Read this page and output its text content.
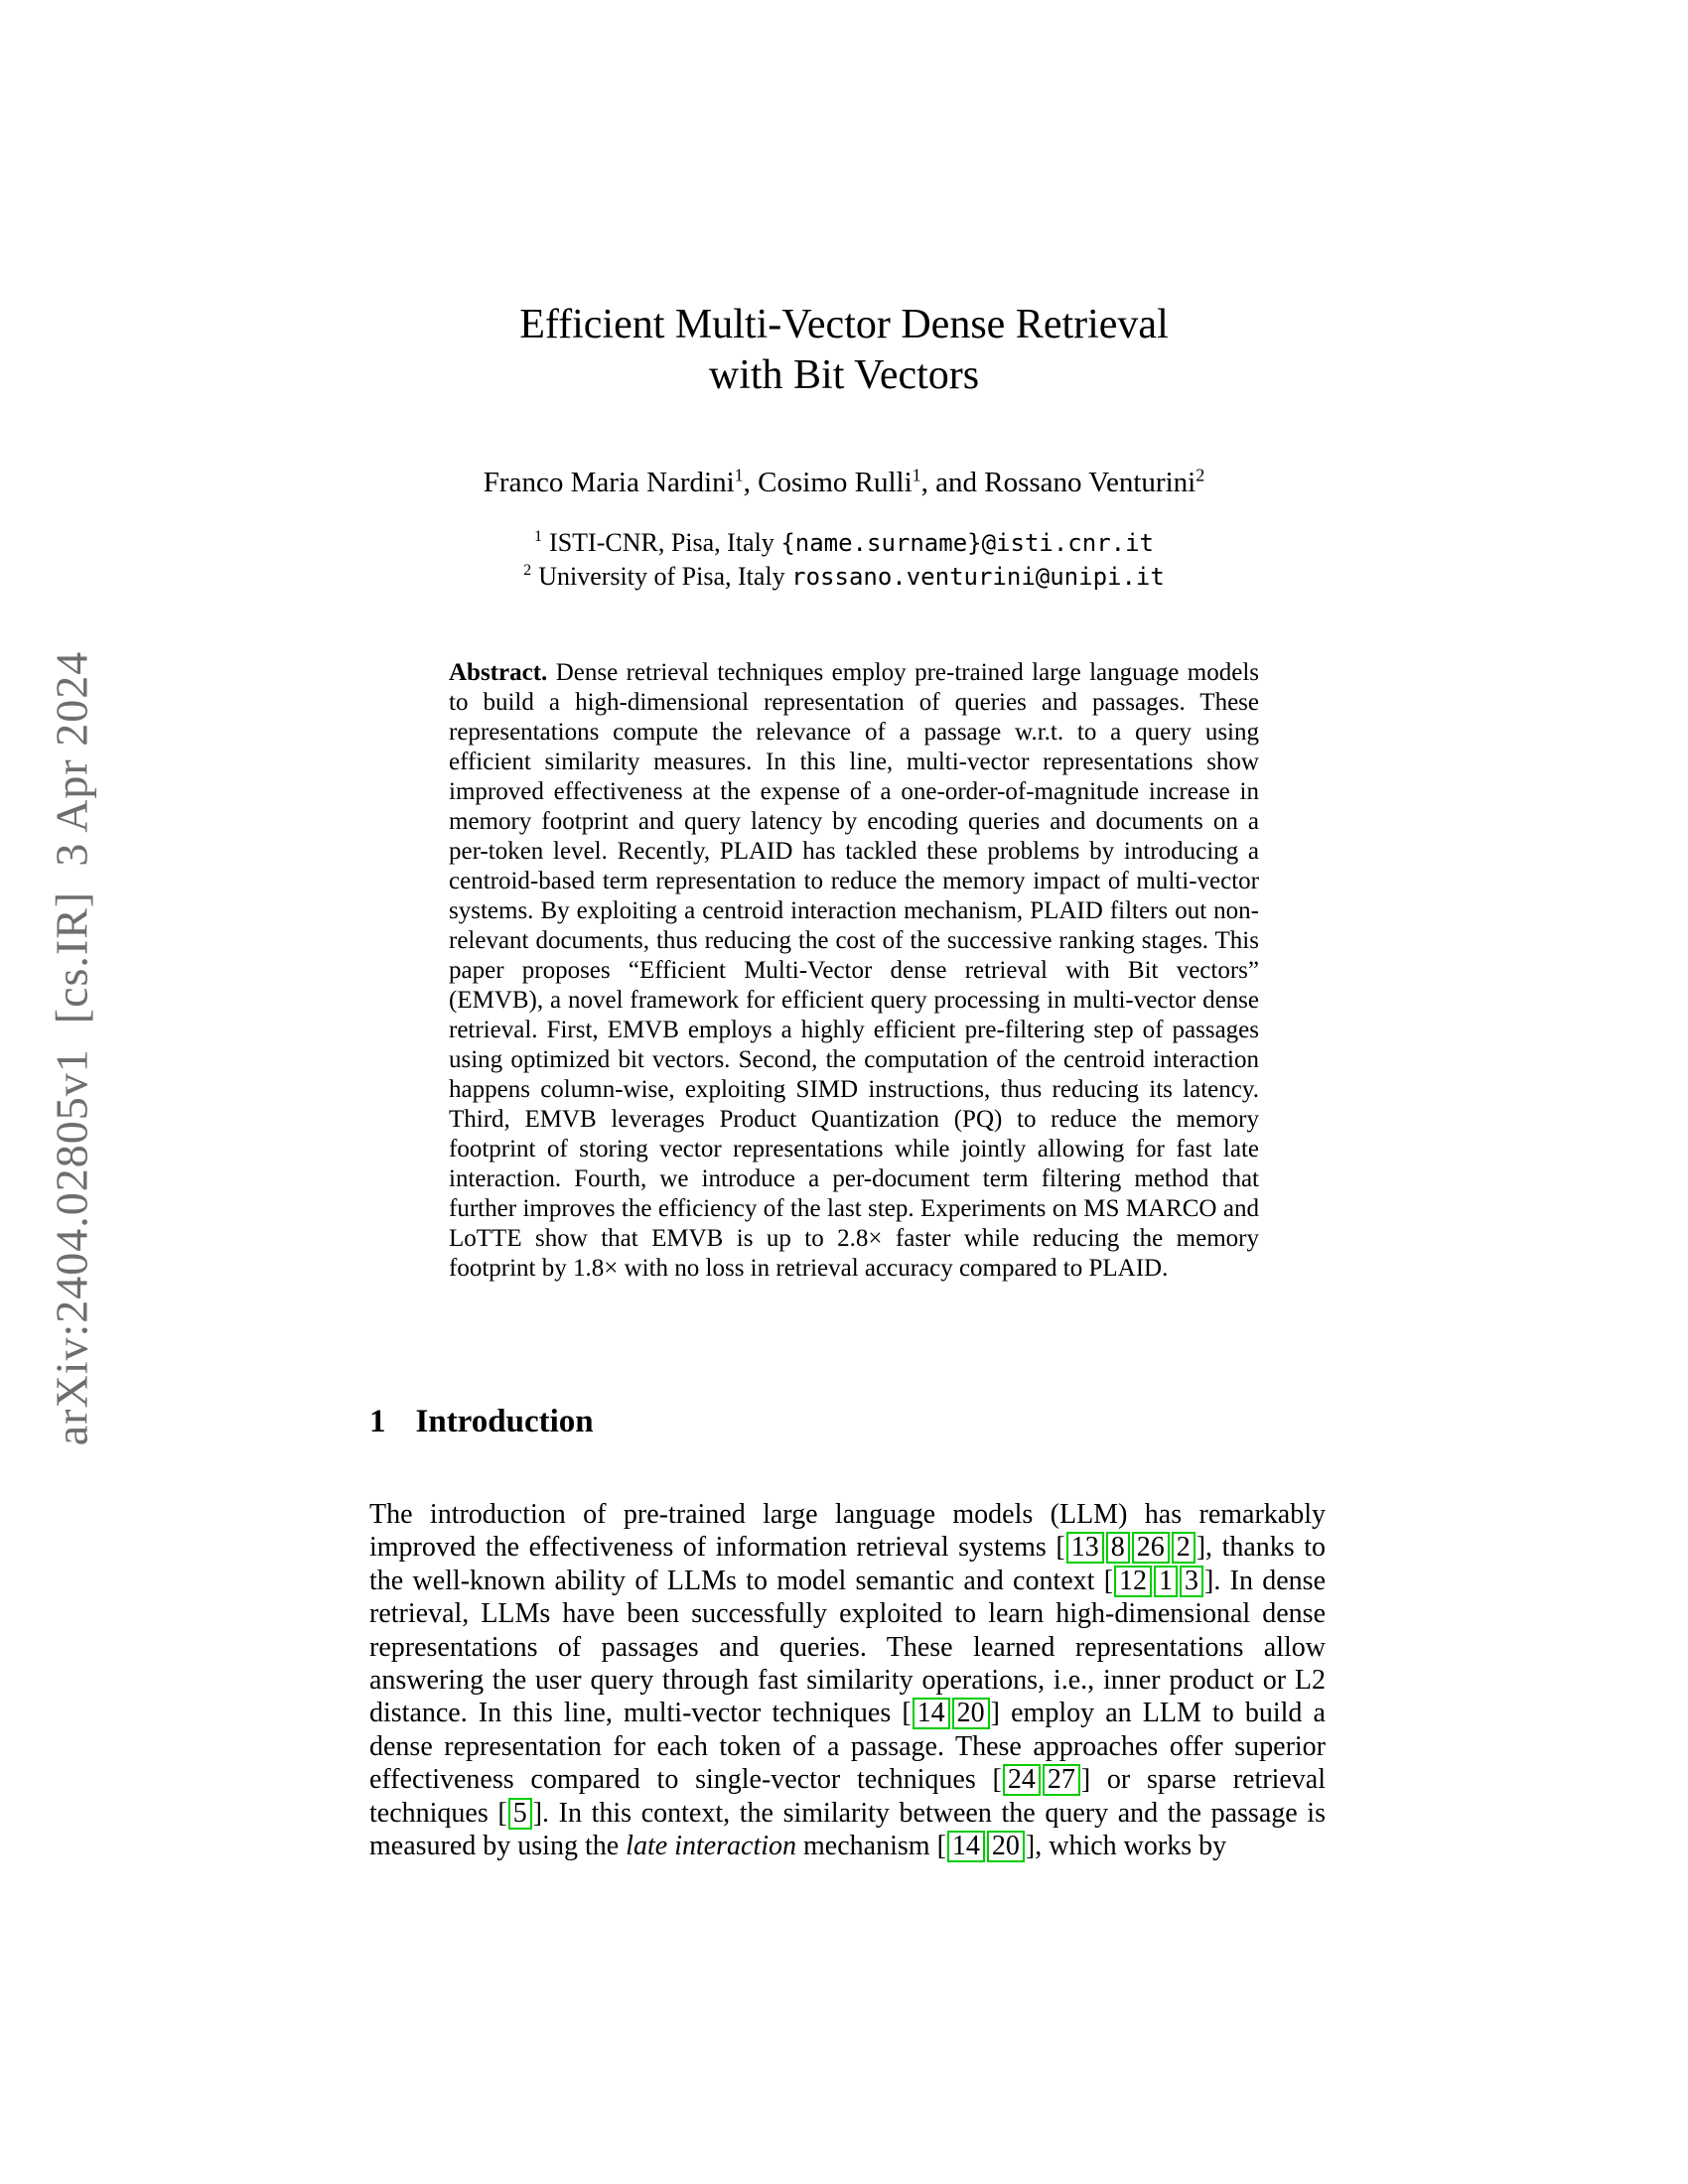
arXiv:2404.02805v1  [cs.IR]  3 Apr 2024
Efficient Multi-Vector Dense Retrieval
with Bit Vectors
Franco Maria Nardini$^1$, Cosimo Rulli$^1$, and Rossano Venturini$^2$
$^1$ ISTI-CNR, Pisa, Italy {name.surname}@isti.cnr.it
$^2$ University of Pisa, Italy rossano.venturini@unipi.it
Abstract. Dense retrieval techniques employ pre-trained large language models to build a high-dimensional representation of queries and passages. These representations compute the relevance of a passage w.r.t. to a query using efficient similarity measures. In this line, multi-vector representations show improved effectiveness at the expense of a one-order-of-magnitude increase in memory footprint and query latency by encoding queries and documents on a per-token level. Recently, PLAID has tackled these problems by introducing a centroid-based term representation to reduce the memory impact of multi-vector systems. By exploiting a centroid interaction mechanism, PLAID filters out non-relevant documents, thus reducing the cost of the successive ranking stages. This paper proposes “Efficient Multi-Vector dense retrieval with Bit vectors” (EMVB), a novel framework for efficient query processing in multi-vector dense retrieval. First, EMVB employs a highly efficient pre-filtering step of passages using optimized bit vectors. Second, the computation of the centroid interaction happens column-wise, exploiting SIMD instructions, thus reducing its latency. Third, EMVB leverages Product Quantization (PQ) to reduce the memory footprint of storing vector representations while jointly allowing for fast late interaction. Fourth, we introduce a per-document term filtering method that further improves the efficiency of the last step. Experiments on MS MARCO and LoTTE show that EMVB is up to 2.8× faster while reducing the memory footprint by 1.8× with no loss in retrieval accuracy compared to PLAID.
1 Introduction

The introduction of pre-trained large language models (LLM) has remarkably improved the effectiveness of information retrieval systems [ 13 8 26 2 ], thanks to the well-known ability of LLMs to model semantic and context [ 12 1 3 ]. In dense retrieval, LLMs have been successfully exploited to learn high-dimensional dense representations of passages and queries. These learned representations allow answering the user query through fast similarity operations, i.e., inner product or L2 distance. In this line, multi-vector techniques [ 14 20 ] employ an LLM to build a dense representation for each token of a passage. These approaches offer superior effectiveness compared to single-vector techniques [ 24 27 ] or sparse retrieval techniques [ 5 ]. In this context, the similarity between the query and the passage is measured by using the late interaction mechanism [ 14 20 ], which works by
